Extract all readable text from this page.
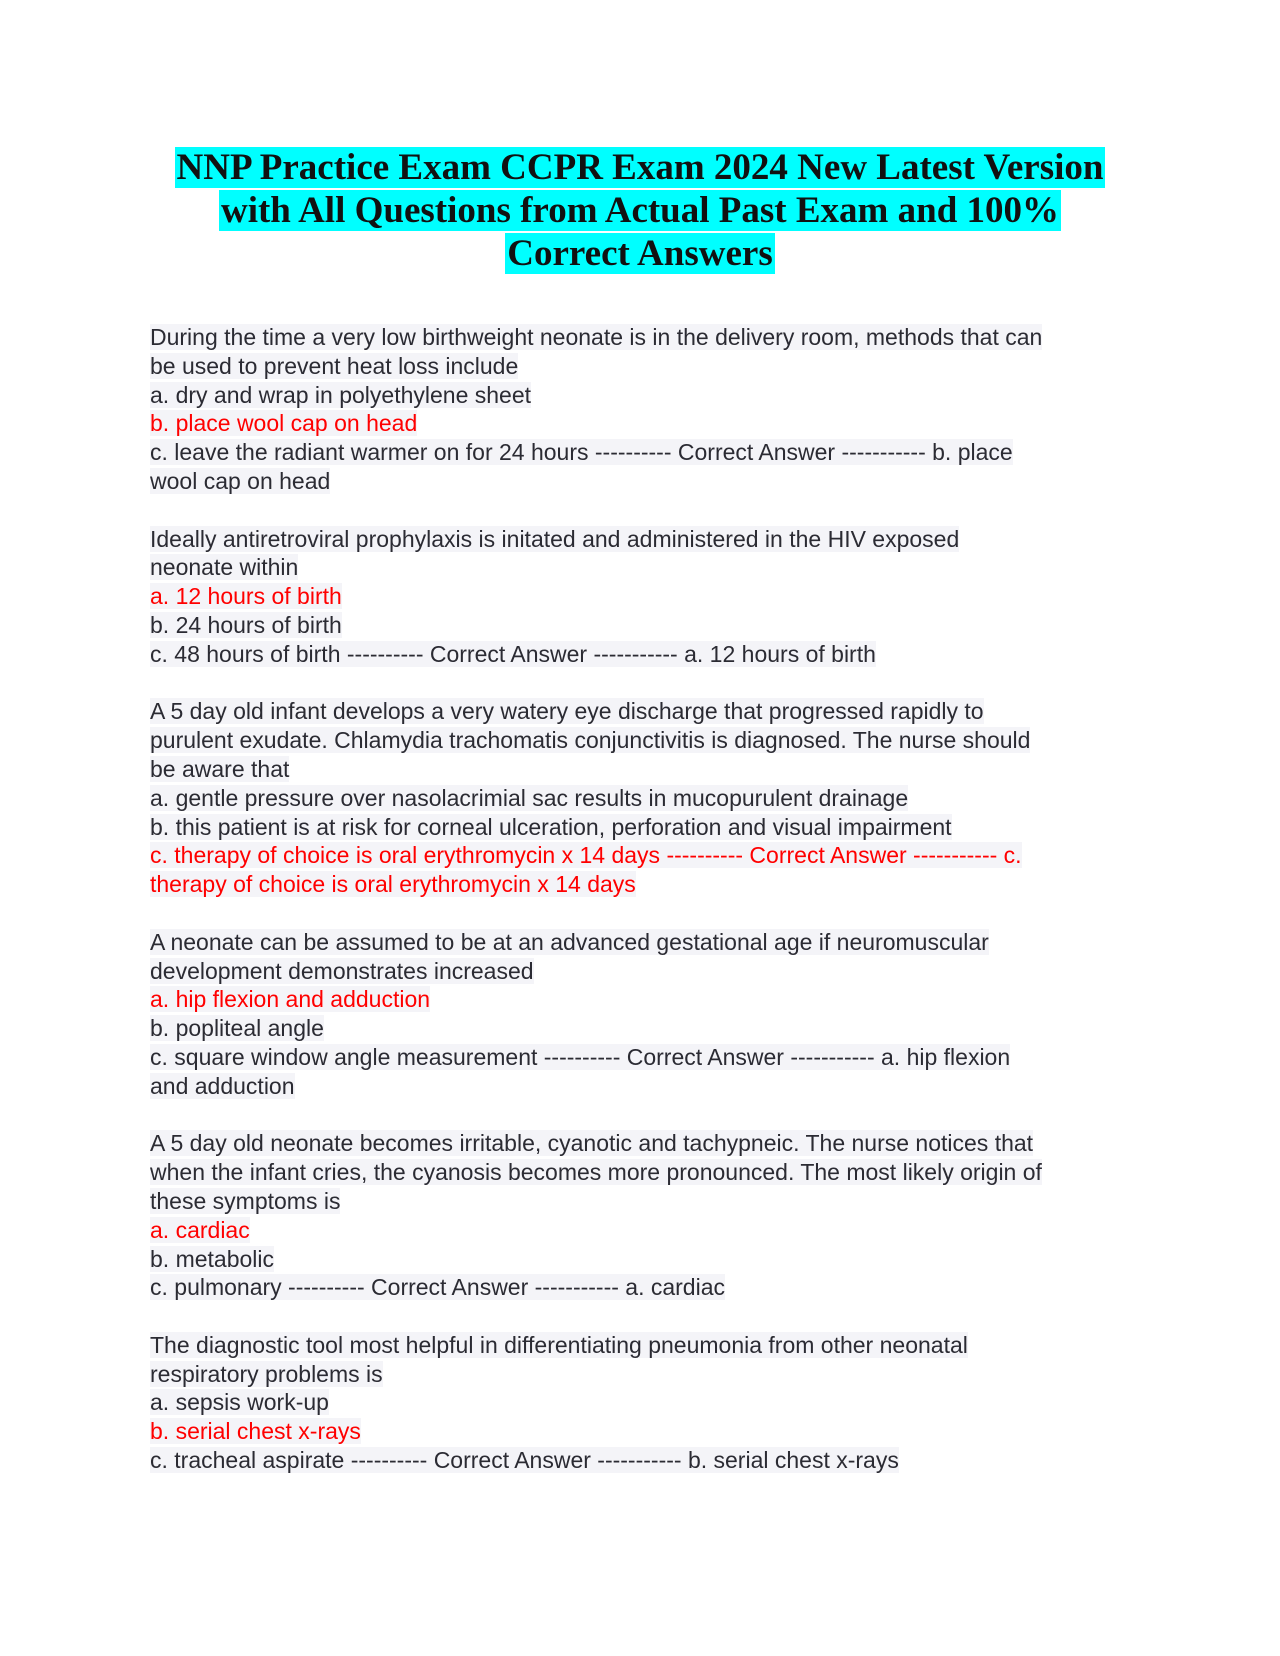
NNP Practice Exam CCPR Exam 2024 New Latest Version
with All Questions from Actual Past Exam and 100%
Correct Answers
During the time a very low birthweight neonate is in the delivery room, methods that can
be used to prevent heat loss include
a. dry and wrap in polyethylene sheet
b. place wool cap on head
c. leave the radiant warmer on for 24 hours ---------- Correct Answer ----------- b. place
wool cap on head
Ideally antiretroviral prophylaxis is initated and administered in the HIV exposed
neonate within
a. 12 hours of birth
b. 24 hours of birth
c. 48 hours of birth ---------- Correct Answer ----------- a. 12 hours of birth
A 5 day old infant develops a very watery eye discharge that progressed rapidly to
purulent exudate. Chlamydia trachomatis conjunctivitis is diagnosed. The nurse should
be aware that
a. gentle pressure over nasolacrimial sac results in mucopurulent drainage
b. this patient is at risk for corneal ulceration, perforation and visual impairment
c. therapy of choice is oral erythromycin x 14 days ---------- Correct Answer ----------- c.
therapy of choice is oral erythromycin x 14 days
A neonate can be assumed to be at an advanced gestational age if neuromuscular
development demonstrates increased
a. hip flexion and adduction
b. popliteal angle
c. square window angle measurement ---------- Correct Answer ----------- a. hip flexion
and adduction
A 5 day old neonate becomes irritable, cyanotic and tachypneic. The nurse notices that
when the infant cries, the cyanosis becomes more pronounced. The most likely origin of
these symptoms is
a. cardiac
b. metabolic
c. pulmonary ---------- Correct Answer ----------- a. cardiac
The diagnostic tool most helpful in differentiating pneumonia from other neonatal
respiratory problems is
a. sepsis work-up
b. serial chest x-rays
c. tracheal aspirate ---------- Correct Answer ----------- b. serial chest x-rays
